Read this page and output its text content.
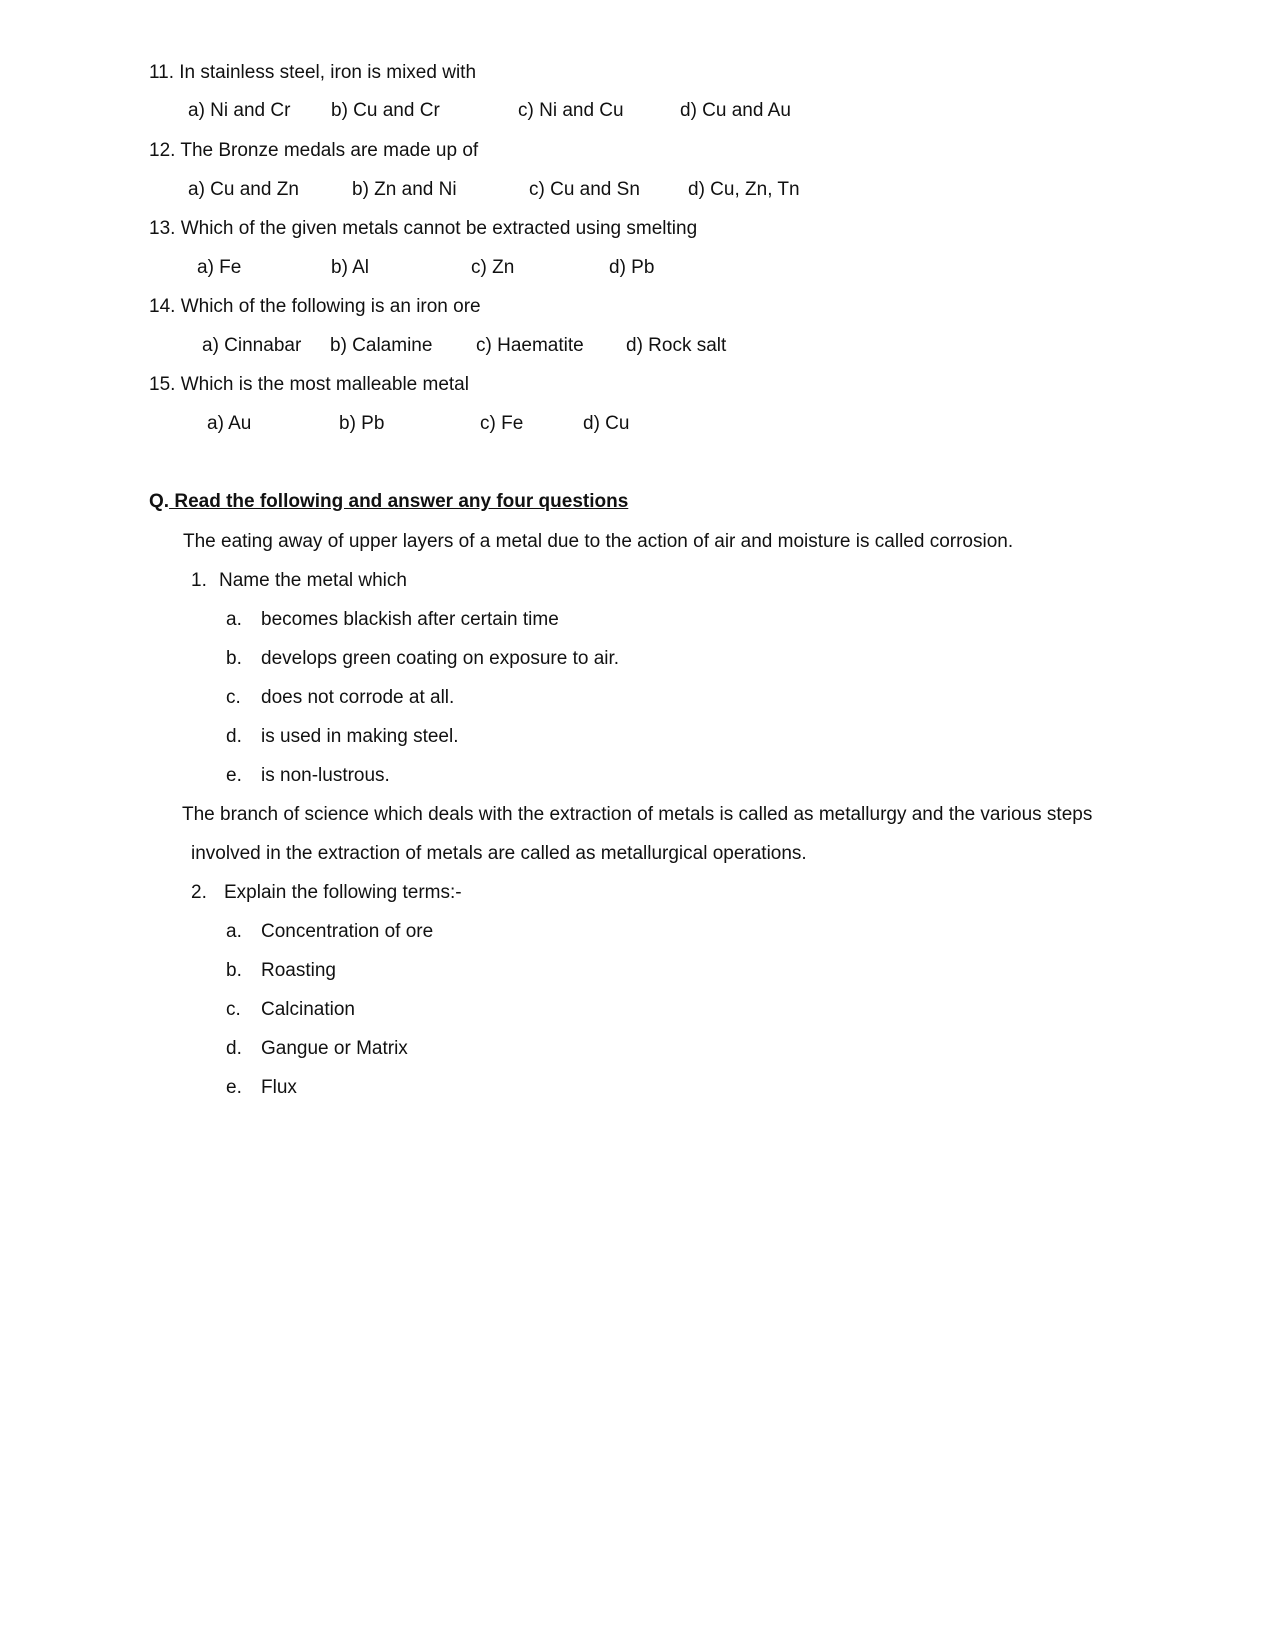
11. In stainless steel, iron is mixed with
a) Ni and Cr b) Cu and Cr	c) Ni and Cu	d) Cu and Au
12. The Bronze medals are made up of
a) Cu and Zn	b) Zn and Ni	c) Cu and Sn	d) Cu, Zn, Tn
13. Which of the given metals cannot be extracted using smelting
a) Fe	b) Al	c) Zn	d) Pb
14. Which of the following is an iron ore
a) Cinnabar b) Calamine c) Haematite d) Rock salt
15. Which is the most malleable metal
a) Au	b) Pb	c) Fe	d) Cu
Q. Read the following and answer any four questions
The eating away of upper layers of a metal due to the action of air and moisture is called corrosion.
1. Name the metal which
a. becomes blackish after certain time
b. develops green coating on exposure to air.
c. does not corrode at all.
d. is used in making steel.
e. is non-lustrous.
The branch of science which deals with the extraction of metals is called as metallurgy and the various steps
involved in the extraction of metals are called as metallurgical operations.
2. Explain the following terms:-
a. Concentration of ore
b. Roasting
c. Calcination
d. Gangue or Matrix
e. Flux
